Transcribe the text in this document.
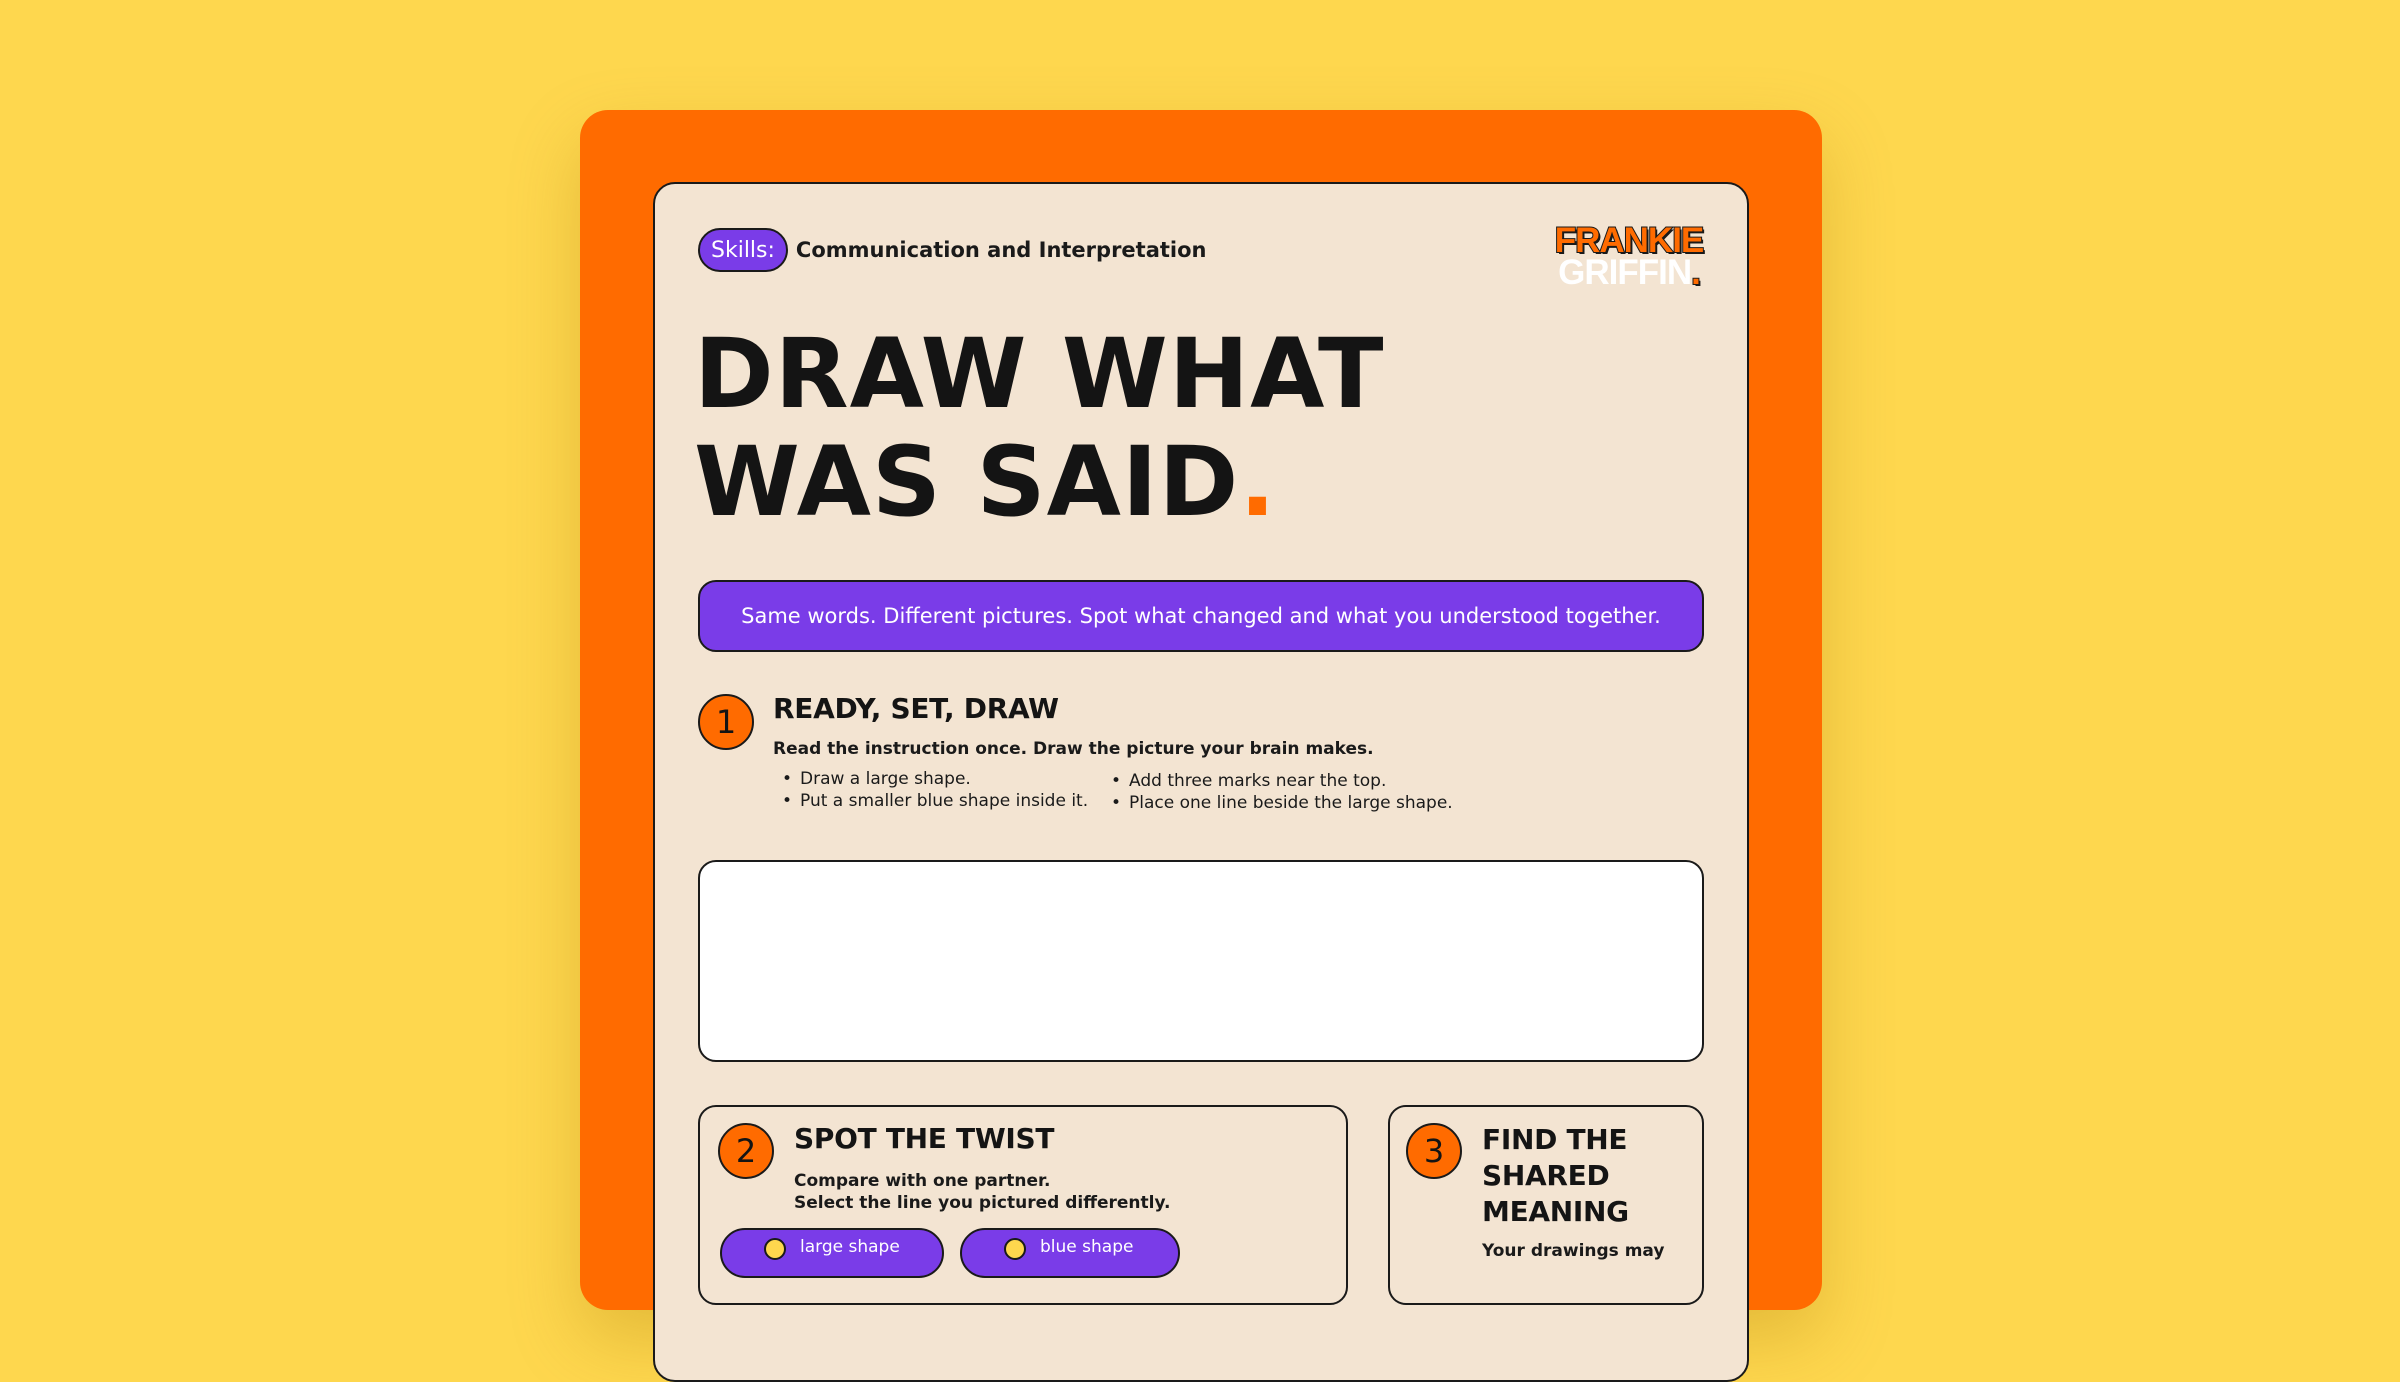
Skills:	Communication and Interpretation	FRANKIE
GRIFFIN.
DRAW WHAT
WAS SAID.
Same words. Different pictures. Spot what changed and what you understood together.
1	READY, SET, DRAW
Read the instruction once. Draw the picture your brain makes.
• Draw a large shape.
• Put a smaller blue shape inside it.
• Add three marks near the top.
• Place one line beside the large shape.
2	SPOT THE TWIST
Compare with one partner.
Select the line you pictured differently.
large shape	blue shape
3	FIND THE
SHARED
MEANING
Your drawings may
